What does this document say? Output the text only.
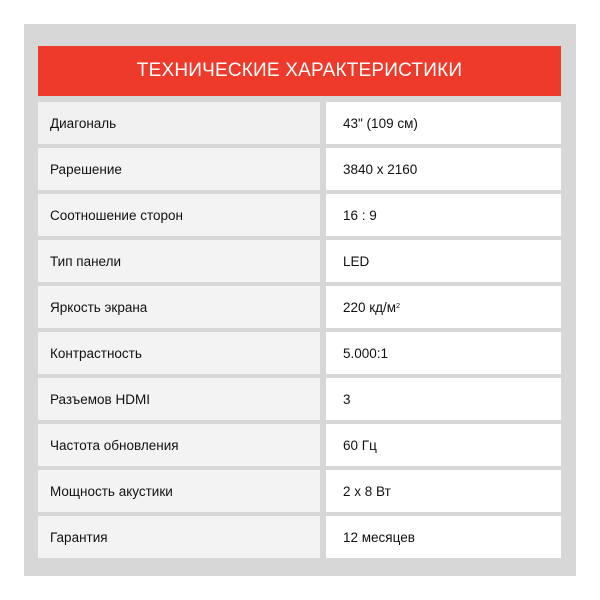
ТЕХНИЧЕСКИЕ ХАРАКТЕРИСТИКИ
Диагональ	43" (109 см)
Рарешение	3840 x 2160
Соотношение сторон	16 : 9
Тип панели	LED
Яркость экрана	220 кд/м 2
Контрастность	5.000:1
Разъемов HDMI	3
Частота обновления	60 Гц
Мощность акустики	2 х 8 Вт
Гарантия	12 месяцев
